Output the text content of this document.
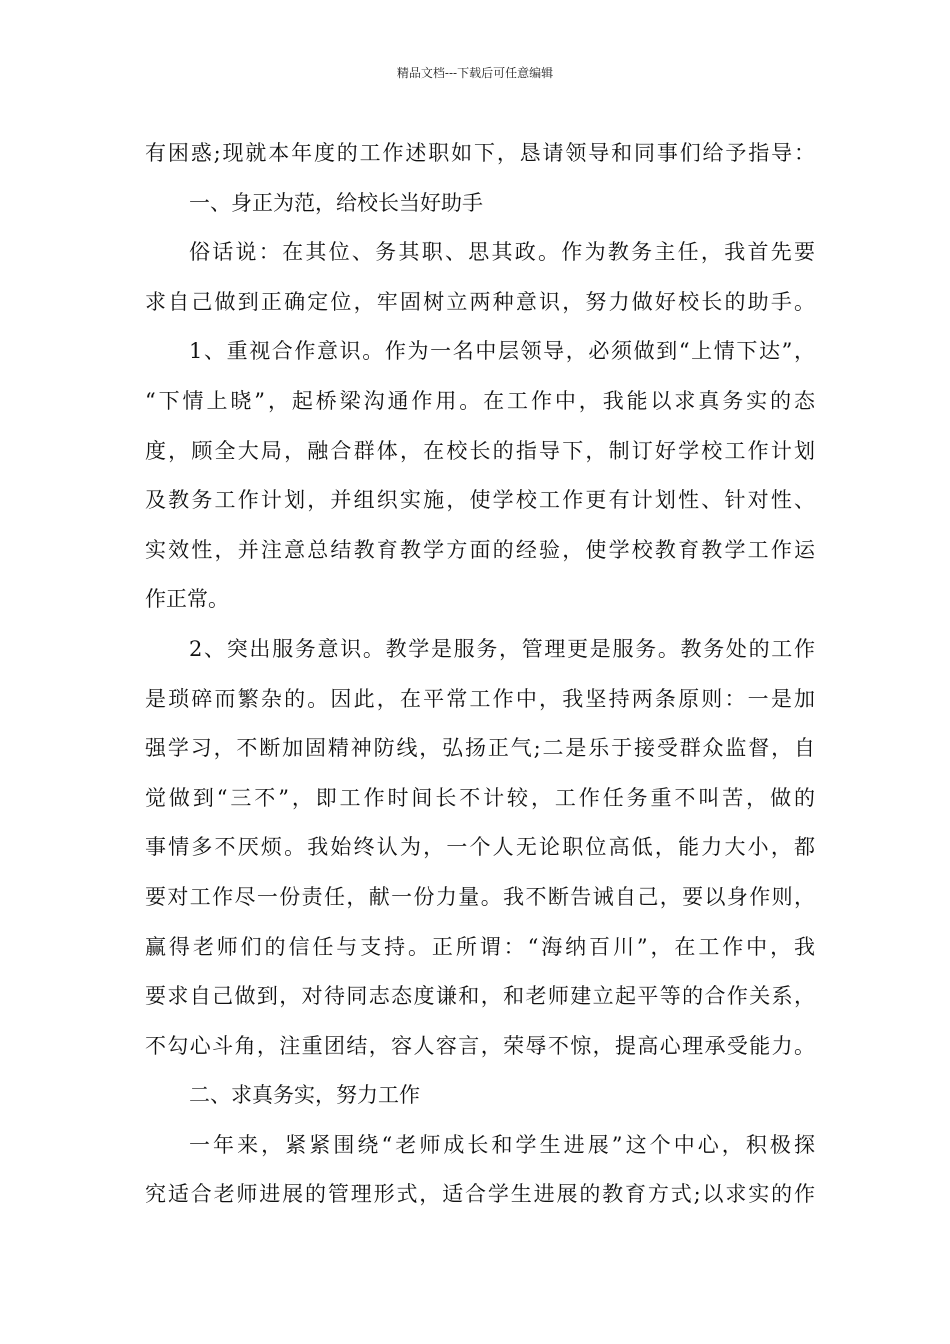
精品文档---下载后可任意编辑
有困惑;现就本年度的工作述职如下，恳请领导和同事们给予指导：
一、身正为范，给校长当好助手
俗话说：在其位、务其职、思其政。作为教务主任，我首先要
求自己做到正确定位，牢固树立两种意识，努力做好校长的助手。
1、重视合作意识。作为一名中层领导，必须做到“上情下达”，
“下情上晓”，起桥梁沟通作用。在工作中，我能以求真务实的态
度，顾全大局，融合群体，在校长的指导下，制订好学校工作计划
及教务工作计划，并组织实施，使学校工作更有计划性、针对性、
实效性，并注意总结教育教学方面的经验，使学校教育教学工作运
作正常。
2、突出服务意识。教学是服务，管理更是服务。教务处的工作
是琐碎而繁杂的。因此，在平常工作中，我坚持两条原则：一是加
强学习，不断加固精神防线，弘扬正气;二是乐于接受群众监督，自
觉做到“三不”，即工作时间长不计较，工作任务重不叫苦，做的
事情多不厌烦。我始终认为，一个人无论职位高低，能力大小，都
要对工作尽一份责任，献一份力量。我不断告诫自己，要以身作则，
赢得老师们的信任与支持。正所谓：“海纳百川”，在工作中，我
要求自己做到，对待同志态度谦和，和老师建立起平等的合作关系，
不勾心斗角，注重团结，容人容言，荣辱不惊，提高心理承受能力。
二、求真务实，努力工作
一年来，紧紧围绕“老师成长和学生进展”这个中心，积极探
究适合老师进展的管理形式，适合学生进展的教育方式;以求实的作
